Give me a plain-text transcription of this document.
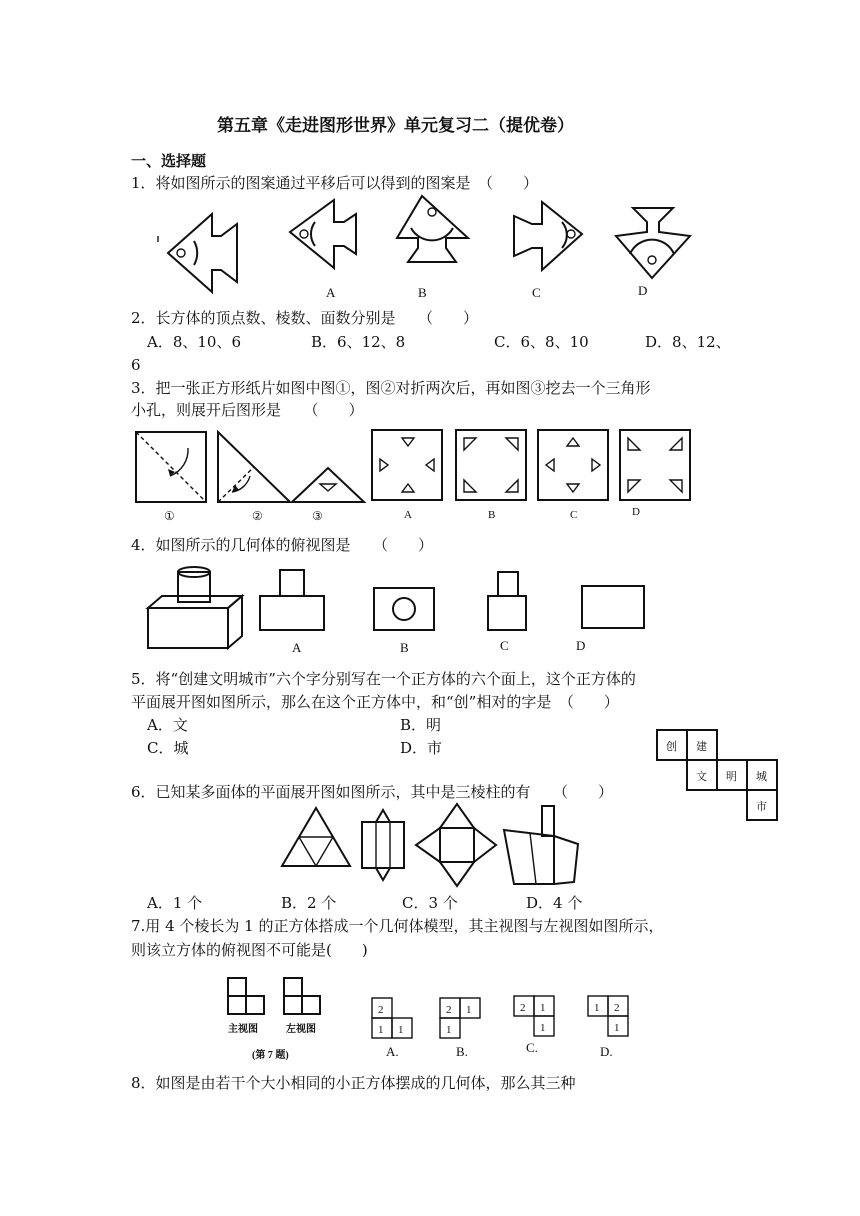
第五章《走进图形世界》单元复习二（提优卷）
一、选择题
1．将如图所示的图案通过平移后可以得到的图案是　（　　）
A	B	C	D
2．长方体的顶点数、棱数、面数分别是　　（　　）
A．8、10、6	B．6、12、8	C．6、8、10	D．8、12、
6
3．把一张正方形纸片如图中图①，图②对折两次后，再如图③挖去一个三角形
小孔，则展开后图形是　　（　　）
①	②	③	A	B	C	D
4．如图所示的几何体的俯视图是　　（　　）
A	B	C	D
5．将“创建文明城市”六个字分别写在一个正方体的六个面上，这个正方体的
平面展开图如图所示，那么在这个正方体中，和“创”相对的字是　（　　）
A．文	B．明
C．城	D．市	创 建
文 明 城
市
6．已知某多面体的平面展开图如图所示，其中是三棱柱的有　　（　　）
A．1 个	B．2 个	C．3 个	D．4 个
7.用 4 个棱长为 1 的正方体搭成一个几何体模型，其主视图与左视图如图所示，
则该立方体的俯视图不可能是(　　)
主视图	左视图
(第 7 题)
2
1 1
A.
2 1
1
B.
2 1
1
C.
1 2
1
D.
8．如图是由若干个大小相同的小正方体摆成的几何体，那么其三种
